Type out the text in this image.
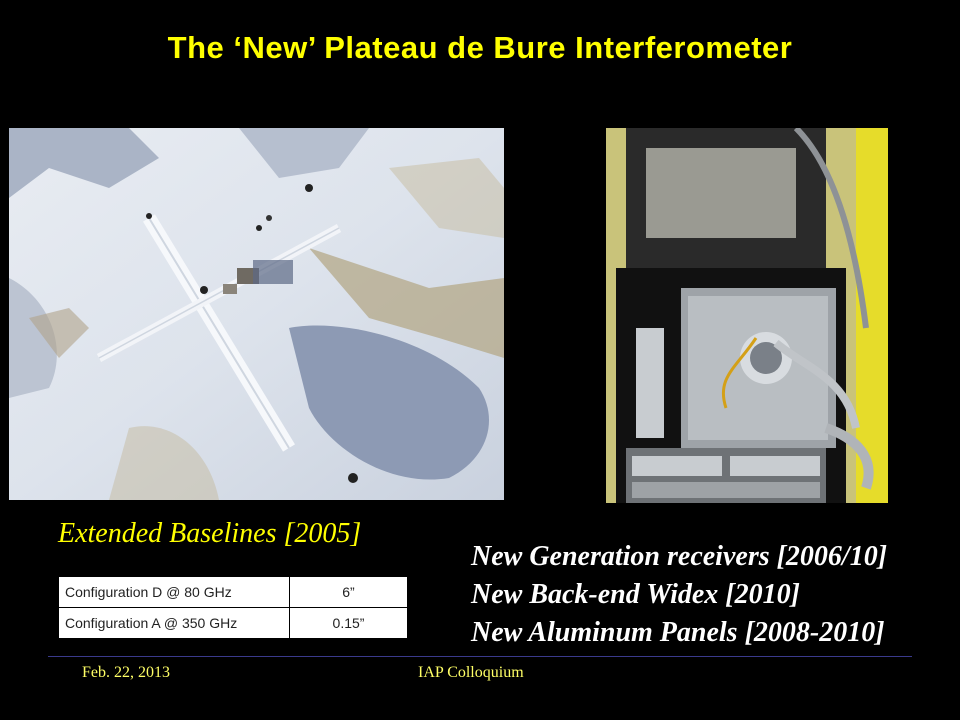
The ‘New’ Plateau de Bure Interferometer
Extended Baselines [2005]
Configuration D @ 80 GHz	6”
Configuration A @ 350 GHz	0.15”
New Generation receivers [2006/10]
New Back-end Widex [2010]
New Aluminum Panels [2008-2010]
Feb. 22, 2013	IAP Colloquium
